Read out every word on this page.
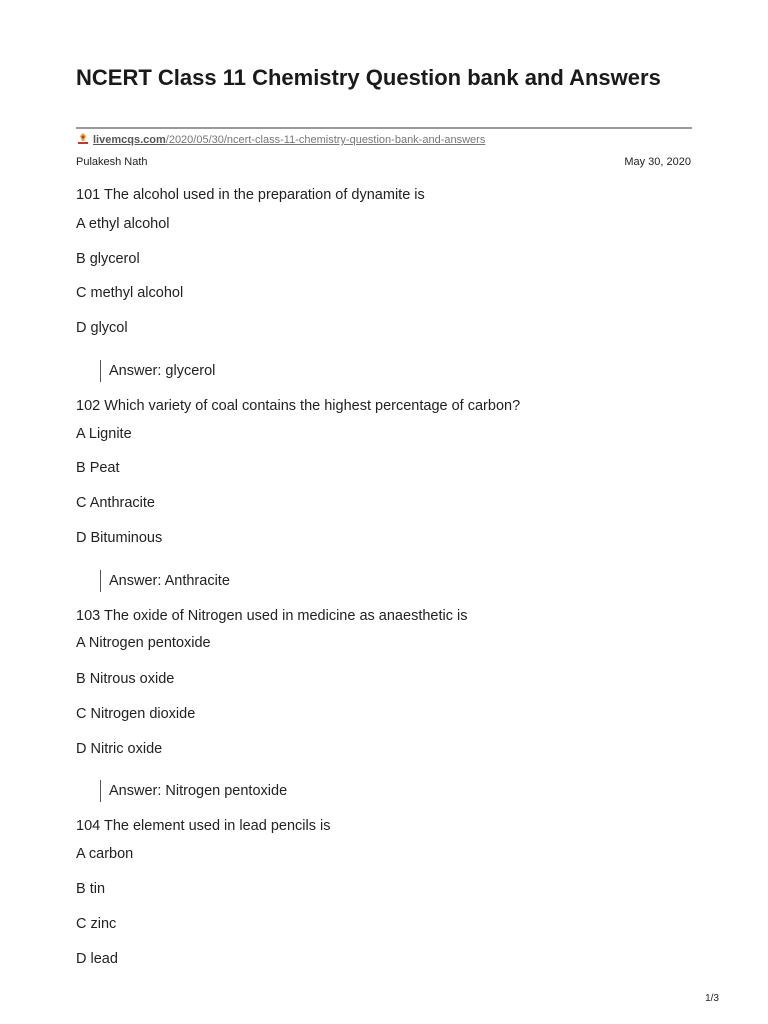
NCERT Class 11 Chemistry Question bank and Answers
livemcqs.com/2020/05/30/ncert-class-11-chemistry-question-bank-and-answers
Pulakesh Nath	May 30, 2020
101 The alcohol used in the preparation of dynamite is
A ethyl alcohol
B glycerol
C methyl alcohol
D glycol
Answer: glycerol
102 Which variety of coal contains the highest percentage of carbon?
A Lignite
B Peat
C Anthracite
D Bituminous
Answer: Anthracite
103 The oxide of Nitrogen used in medicine as anaesthetic is
A Nitrogen pentoxide
B Nitrous oxide
C Nitrogen dioxide
D Nitric oxide
Answer: Nitrogen pentoxide
104 The element used in lead pencils is
A carbon
B tin
C zinc
D lead
1/3
